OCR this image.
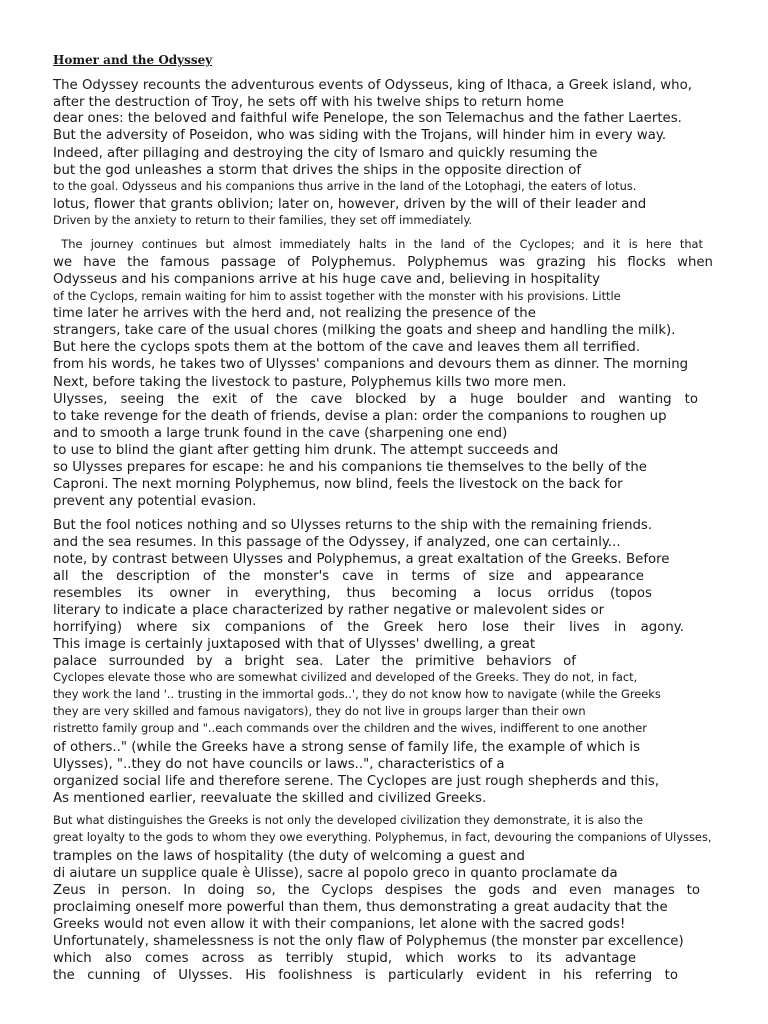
Homer and the Odyssey
The Odyssey recounts the adventurous events of Odysseus, king of Ithaca, a Greek island, who,
after the destruction of Troy, he sets off with his twelve ships to return home
dear ones: the beloved and faithful wife Penelope, the son Telemachus and the father Laertes.
But the adversity of Poseidon, who was siding with the Trojans, will hinder him in every way.
Indeed, after pillaging and destroying the city of Ismaro and quickly resuming the
but the god unleashes a storm that drives the ships in the opposite direction of
to the goal. Odysseus and his companions thus arrive in the land of the Lotophagi, the eaters of lotus.
lotus, flower that grants oblivion; later on, however, driven by the will of their leader and
Driven by the anxiety to return to their families, they set off immediately.
The journey continues but almost immediately halts in the land of the Cyclopes; and it is here that
we have the famous passage of Polyphemus. Polyphemus was grazing his flocks when
Odysseus and his companions arrive at his huge cave and, believing in hospitality
of the Cyclops, remain waiting for him to assist together with the monster with his provisions. Little
time later he arrives with the herd and, not realizing the presence of the
strangers, take care of the usual chores (milking the goats and sheep and handling the milk).
But here the cyclops spots them at the bottom of the cave and leaves them all terrified.
from his words, he takes two of Ulysses' companions and devours them as dinner. The morning
Next, before taking the livestock to pasture, Polyphemus kills two more men.
Ulysses, seeing the exit of the cave blocked by a huge boulder and wanting to
to take revenge for the death of friends, devise a plan: order the companions to roughen up
and to smooth a large trunk found in the cave (sharpening one end)
to use to blind the giant after getting him drunk. The attempt succeeds and
so Ulysses prepares for escape: he and his companions tie themselves to the belly of the
Caproni. The next morning Polyphemus, now blind, feels the livestock on the back for
prevent any potential evasion.
But the fool notices nothing and so Ulysses returns to the ship with the remaining friends.
and the sea resumes. In this passage of the Odyssey, if analyzed, one can certainly...
note, by contrast between Ulysses and Polyphemus, a great exaltation of the Greeks. Before
all the description of the monster's cave in terms of size and appearance
resembles its owner in everything, thus becoming a locus orridus (topos
literary to indicate a place characterized by rather negative or malevolent sides or
horrifying) where six companions of the Greek hero lose their lives in agony.
This image is certainly juxtaposed with that of Ulysses' dwelling, a great
palace surrounded by a bright sea. Later the primitive behaviors of
Cyclopes elevate those who are somewhat civilized and developed of the Greeks. They do not, in fact,
they work the land '.. trusting in the immortal gods..', they do not know how to navigate (while the Greeks
they are very skilled and famous navigators), they do not live in groups larger than their own
ristretto family group and "..each commands over the children and the wives, indifferent to one another
of others.." (while the Greeks have a strong sense of family life, the example of which is
Ulysses), "..they do not have councils or laws..", characteristics of a
organized social life and therefore serene. The Cyclopes are just rough shepherds and this,
As mentioned earlier, reevaluate the skilled and civilized Greeks.
But what distinguishes the Greeks is not only the developed civilization they demonstrate, it is also the
great loyalty to the gods to whom they owe everything. Polyphemus, in fact, devouring the companions of Ulysses,
tramples on the laws of hospitality (the duty of welcoming a guest and
di aiutare un supplice quale è Ulisse), sacre al popolo greco in quanto proclamate da
Zeus in person. In doing so, the Cyclops despises the gods and even manages to
proclaiming oneself more powerful than them, thus demonstrating a great audacity that the
Greeks would not even allow it with their companions, let alone with the sacred gods!
Unfortunately, shamelessness is not the only flaw of Polyphemus (the monster par excellence)
which also comes across as terribly stupid, which works to its advantage
the cunning of Ulysses. His foolishness is particularly evident in his referring to
